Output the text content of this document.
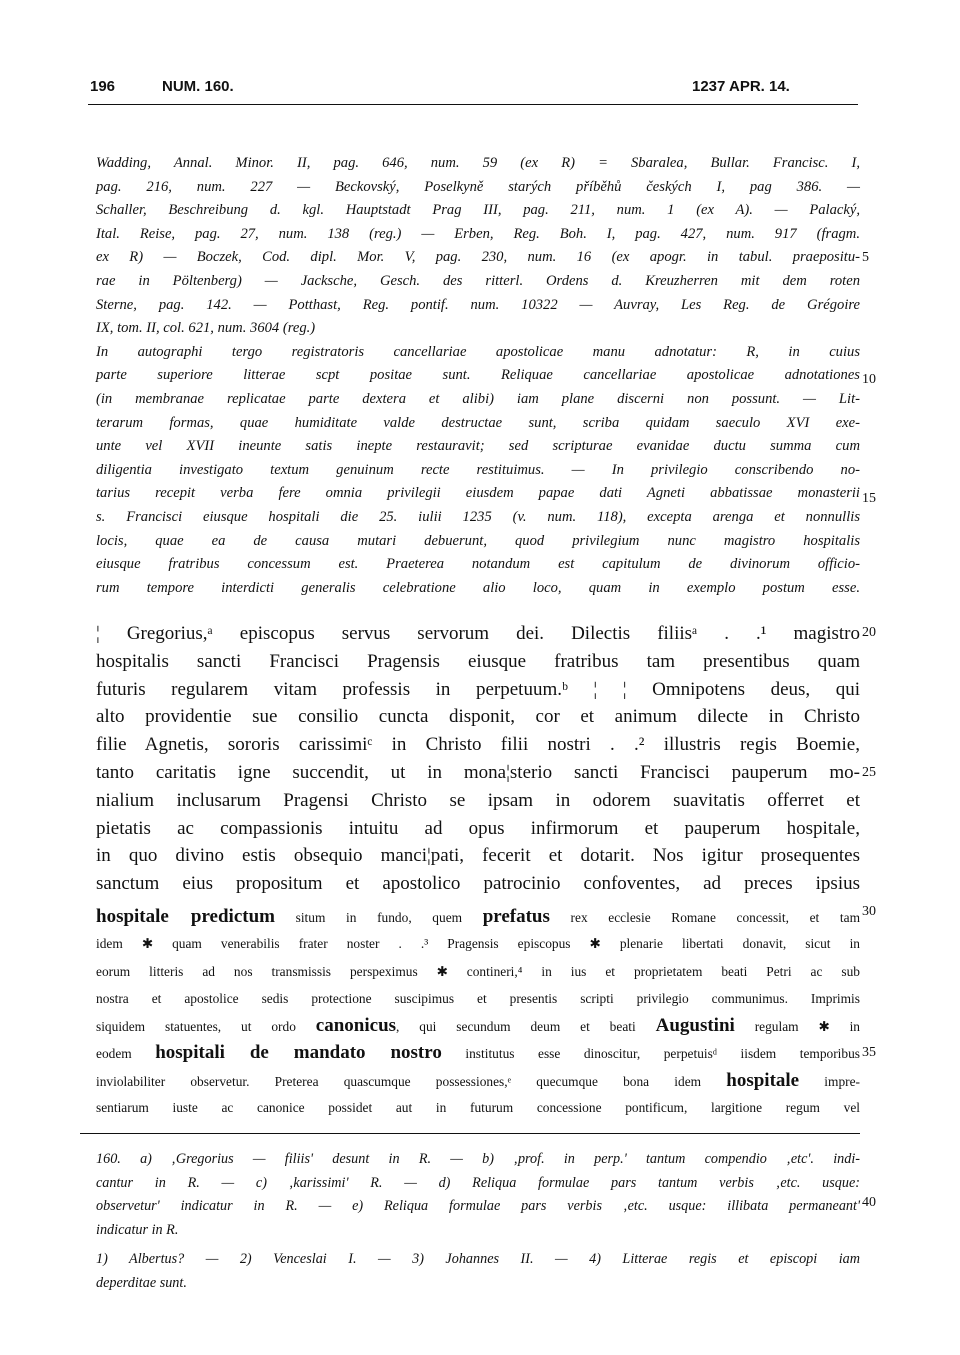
196	NUM. 160.	1237 APR. 14.
Wadding, Annal. Minor. II, pag. 646, num. 59 (ex R) = Sbaralea, Bullar. Francisc. I,
pag. 216, num. 227 — Beckovský, Poselkyně starých příběhů českých I, pag 386. —
Schaller, Beschreibung d. kgl. Hauptstadt Prag III, pag. 211, num. 1 (ex A). — Palacký,
Ital. Reise, pag. 27, num. 138 (reg.) — Erben, Reg. Boh. I, pag. 427, num. 917 (fragm.
ex R) — Boczek, Cod. dipl. Mor. V, pag. 230, num. 16 (ex apogr. in tabul. praepositu-
rae in Pöltenberg) — Jacksche, Gesch. des ritterl. Ordens d. Kreuzherren mit dem roten
Sterne, pag. 142. — Potthast, Reg. pontif. num. 10322 — Auvray, Les Reg. de Grégoire
IX, tom. II, col. 621, num. 3604 (reg.)
In autographi tergo registratoris cancellariae apostolicae manu adnotatur: R, in cuius
parte superiore litterae scpt positae sunt. Reliquae cancellariae apostolicae adnotationes
(in membranae replicatae parte dextera et alibi) iam plane discerni non possunt. — Lit-
terarum formas, quae humiditate valde destructae sunt, scriba quidam saeculo XVI exe-
unte vel XVII ineunte satis inepte restauravit; sed scripturae evanidae ductu summa cum
diligentia investigato textum genuinum recte restituimus. — In privilegio conscribendo no-
tarius recepit verba fere omnia privilegii eiusdem papae dati Agneti abbatissae monasterii
s. Francisci eiusque hospitali die 25. iulii 1235 (v. num. 118), excepta arenga et nonnullis
locis, quae ea de causa mutari debuerunt, quod privilegium nunc magistro hospitalis
eiusque fratribus concessum est. Praeterea notandum est capitulum de divinorum officio-
rum tempore interdicti generalis celebratione alio loco, quam in exemplo postum esse.
¦ Gregorius,ᵃ episcopus servus servorum dei. Dilectis filiisᵃ . .¹ magistro
hospitalis sancti Francisci Pragensis eiusque fratribus tam presentibus quam
futuris regularem vitam professis in perpetuum.ᵇ ¦ ¦ Omnipotens deus, qui
alto providentie sue consilio cuncta disponit, cor et animum dilecte in Christo
filie Agnetis, sororis carissimiᶜ in Christo filii nostri . .² illustris regis Boemie,
tanto caritatis igne succendit, ut in mona¦sterio sancti Francisci pauperum mo-
nialium inclusarum Pragensi Christo se ipsam in odorem suavitatis offerret et
pietatis ac compassionis intuitu ad opus infirmorum et pauperum hospitale,
in quo divino estis obsequio manci¦pati, fecerit et dotarit. Nos igitur prosequentes
sanctum eius propositum et apostolico patrocinio confoventes, ad preces ipsius
hospitale predictum situm in fundo, quem prefatus rex ecclesie Romane concessit, et tam
idem ✱ quam venerabilis frater noster . .³ Pragensis episcopus ✱ plenarie libertati donavit, sicut in
eorum litteris ad nos transmissis perspeximus ✱ contineri,⁴ in ius et proprietatem beati Petri ac sub
nostra et apostolice sedis protectione suscipimus et presentis scripti privilegio communimus. Imprimis
siquidem statuentes, ut ordo canonicus, qui secundum deum et beati Augustini regulam ✱ in
eodem hospitali de mandato nostro institutus esse dinoscitur, perpetuisᵈ iisdem temporibus
inviolabiliter observetur. Preterea quascumque possessiones,ᵉ quecumque bona idem hospitale impre-
sentiarum iuste ac canonice possidet aut in futurum concessione pontificum, largitione regum vel
160. a) ‚Gregorius — filiis' desunt in R. — b) ‚prof. in perp.' tantum compendio ‚etc'. indi-
cantur in R. — c) ‚karissimi' R. — d) Reliqua formulae pars tantum verbis ‚etc. usque:
observetur' indicatur in R. — e) Reliqua formulae pars verbis ‚etc. usque: illibata permaneant'
indicatur in R.
1) Albertus? — 2) Venceslai I. — 3) Johannes II. — 4) Litterae regis et episcopi iam
deperditae sunt.
5
10
15
20
25
30
35
40
